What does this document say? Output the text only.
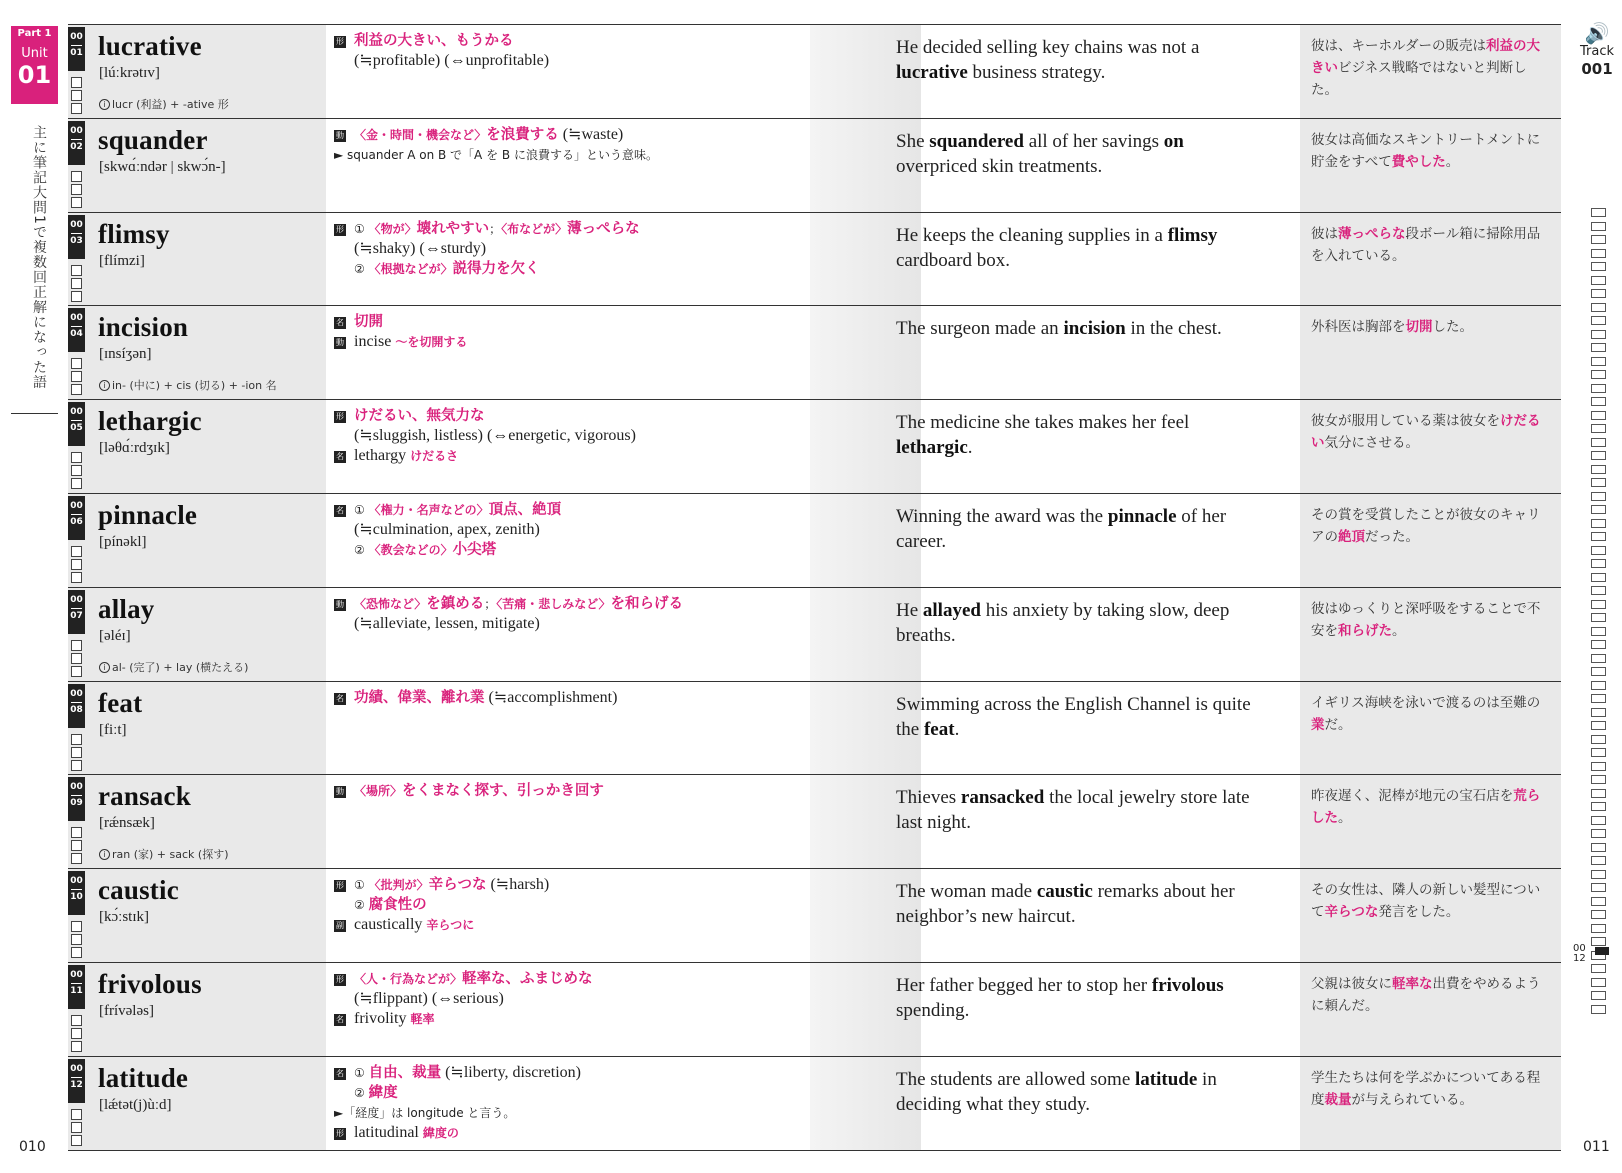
Part 1
Unit
01
主に筆記大問1で複数回正解になった語
🔊
Track
001
00
12
00
01 lucrative
[lúːkrətɪv]
i lucr (利益) + -ative 形
形 利益の大きい、もうかる
(≒profitable) (⇔unprofitable)
He decided selling key chains was not a lucrative business strategy.
彼は、キーホルダーの販売は利益の大きいビジネス戦略ではないと判断した。
00
02 squander
[skwɑ́ːndər | skwɔ́n-]
動 〈金・時間・機会など〉を浪費する (≒waste)
► squander A on B で「A を B に浪費する」という意味。
She squandered all of her savings on overpriced skin treatments.
彼女は高価なスキントリートメントに貯金をすべて費やした。
00
03 flimsy
[flímzi]
形 ① 〈物が〉壊れやすい；〈布などが〉薄っぺらな
(≒shaky) (⇔sturdy)
② 〈根拠などが〉説得力を欠く
He keeps the cleaning supplies in a flimsy cardboard box.
彼は薄っぺらな段ボール箱に掃除用品を入れている。
00
04 incision
[ɪnsíʒən]
i in- (中に) + cis (切る) + -ion 名
名 切開
動 incise ～を切開する
The surgeon made an incision in the chest.	外科医は胸部を切開した。
00
05 lethargic
[ləθɑ́ːrdʒɪk]
形 けだるい、無気力な
(≒sluggish, listless) (⇔energetic, vigorous)
名 lethargy けだるさ
The medicine she takes makes her feel lethargic.
彼女が服用している薬は彼女をけだるい気分にさせる。
00
06 pinnacle
[pínəkl]
名 ① 〈権力・名声などの〉頂点、絶頂
(≒culmination, apex, zenith)
② 〈教会などの〉小尖塔
Winning the award was the pinnacle of her career.
その賞を受賞したことが彼女のキャリアの絶頂だった。
00
07 allay
[əléɪ]
i al- (完了) + lay (横たえる)
動 〈恐怖など〉を鎮める；〈苦痛・悲しみなど〉を和らげる
(≒alleviate, lessen, mitigate)
He allayed his anxiety by taking slow, deep breaths.
彼はゆっくりと深呼吸をすることで不安を和らげた。
00
08 feat
[fiːt]
名 功績、偉業、離れ業 (≒accomplishment)	Swimming across the English Channel is quite the feat.
イギリス海峡を泳いで渡るのは至難の業だ。
00
09 ransack
[rǽnsæk]
i ran (家) + sack (探す)
動 〈場所〉をくまなく探す、引っかき回す	Thieves ransacked the local jewelry store late last night.
昨夜遅く、泥棒が地元の宝石店を荒らした。
00
10 caustic
[kɔ́ːstɪk]
形 ① 〈批判が〉辛らつな (≒harsh)
② 腐食性の
副 caustically 辛らつに
The woman made caustic remarks about her neighbor’s new haircut.
その女性は、隣人の新しい髪型について辛らつな発言をした。
00
11 frivolous
[frívələs]
形 〈人・行為などが〉軽率な、ふまじめな
(≒flippant) (⇔serious)
名 frivolity 軽率
Her father begged her to stop her frivolous spending.
父親は彼女に軽率な出費をやめるように頼んだ。
00
12 latitude
[lǽtət(j)ùːd]
名 ① 自由、裁量 (≒liberty, discretion)
② 緯度
►「経度」は longitude と言う。
形 latitudinal 緯度の
The students are allowed some latitude in deciding what they study.
学生たちは何を学ぶかについてある程度裁量が与えられている。
010	011
